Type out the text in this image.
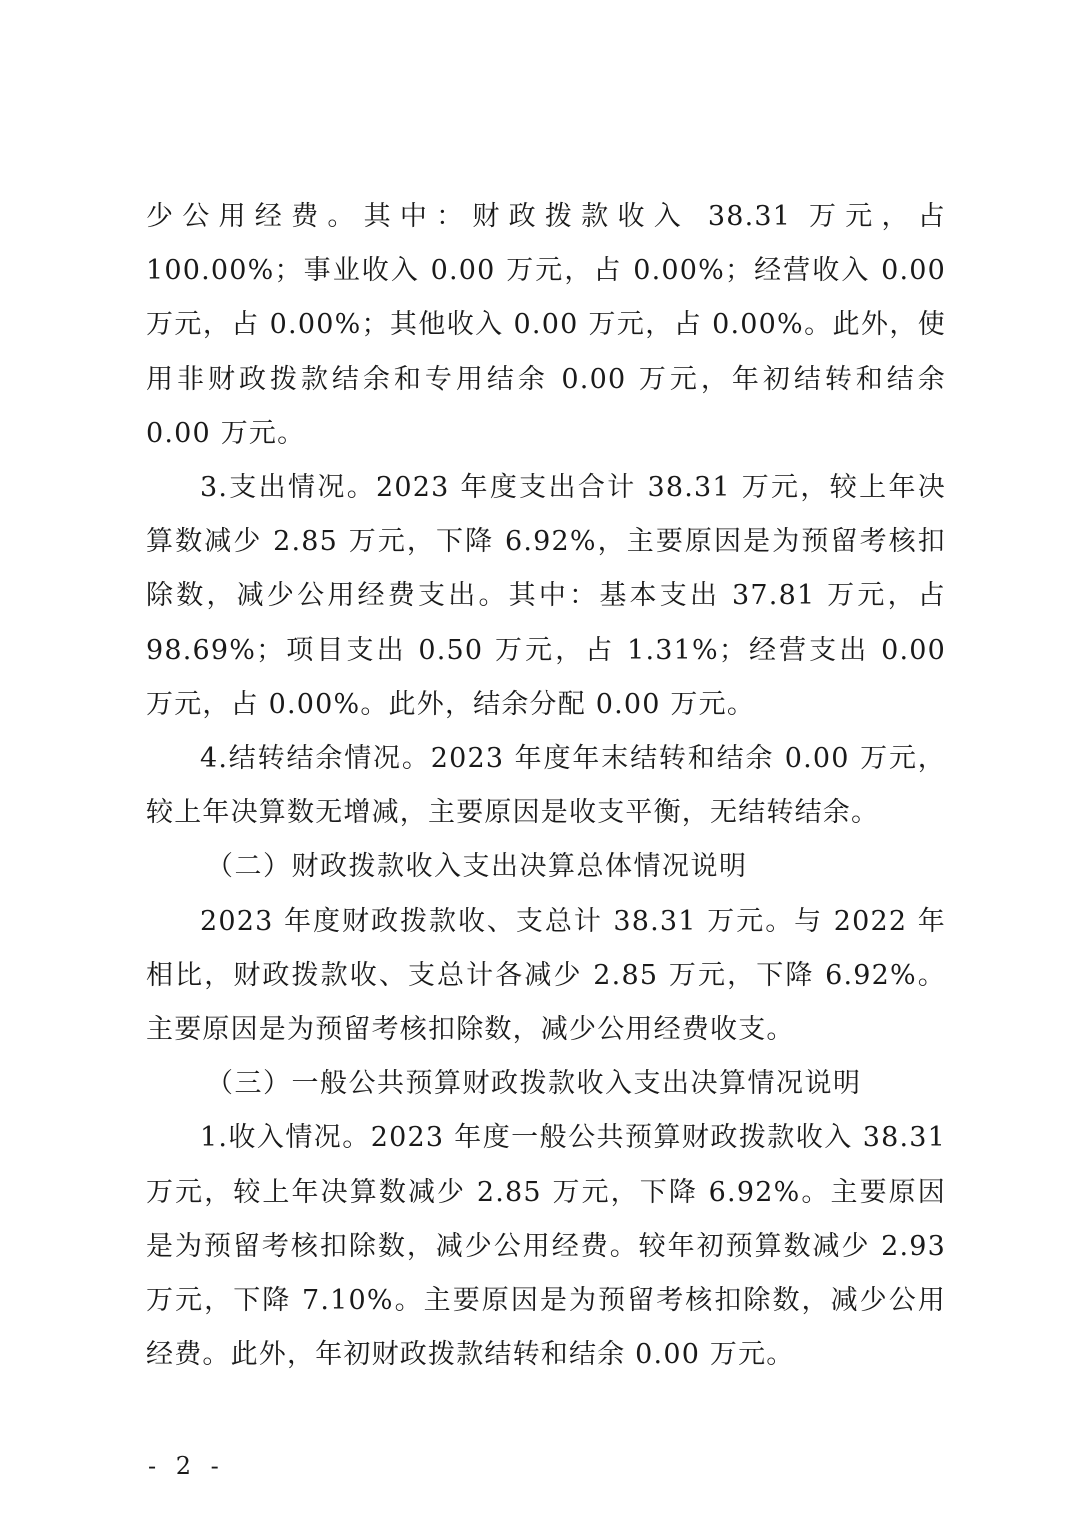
少公用经费。其中：财政拨款收入 38.31 万元，占 100.00%；事业收入 0.00 万元，占 0.00%；经营收入 0.00 万元，占 0.00%；其他收入 0.00 万元，占 0.00%。此外，使用非财政拨款结余和专用结余 0.00 万元，年初结转和结余 0.00 万元。

3.支出情况。2023 年度支出合计 38.31 万元，较上年决算数减少 2.85 万元，下降 6.92%，主要原因是为预留考核扣除数，减少公用经费支出。其中：基本支出 37.81 万元，占 98.69%；项目支出 0.50 万元，占 1.31%；经营支出 0.00 万元，占 0.00%。此外，结余分配 0.00 万元。

4.结转结余情况。2023 年度年末结转和结余 0.00 万元，较上年决算数无增减，主要原因是收支平衡，无结转结余。

（二）财政拨款收入支出决算总体情况说明

2023 年度财政拨款收、支总计 38.31 万元。与 2022 年相比，财政拨款收、支总计各减少 2.85 万元，下降 6.92%。主要原因是为预留考核扣除数，减少公用经费收支。

（三）一般公共预算财政拨款收入支出决算情况说明

1.收入情况。2023 年度一般公共预算财政拨款收入 38.31 万元，较上年决算数减少 2.85 万元，下降 6.92%。主要原因是为预留考核扣除数，减少公用经费。较年初预算数减少 2.93 万元，下降 7.10%。主要原因是为预留考核扣除数，减少公用经费。此外，年初财政拨款结转和结余 0.00 万元。

- 2 -
